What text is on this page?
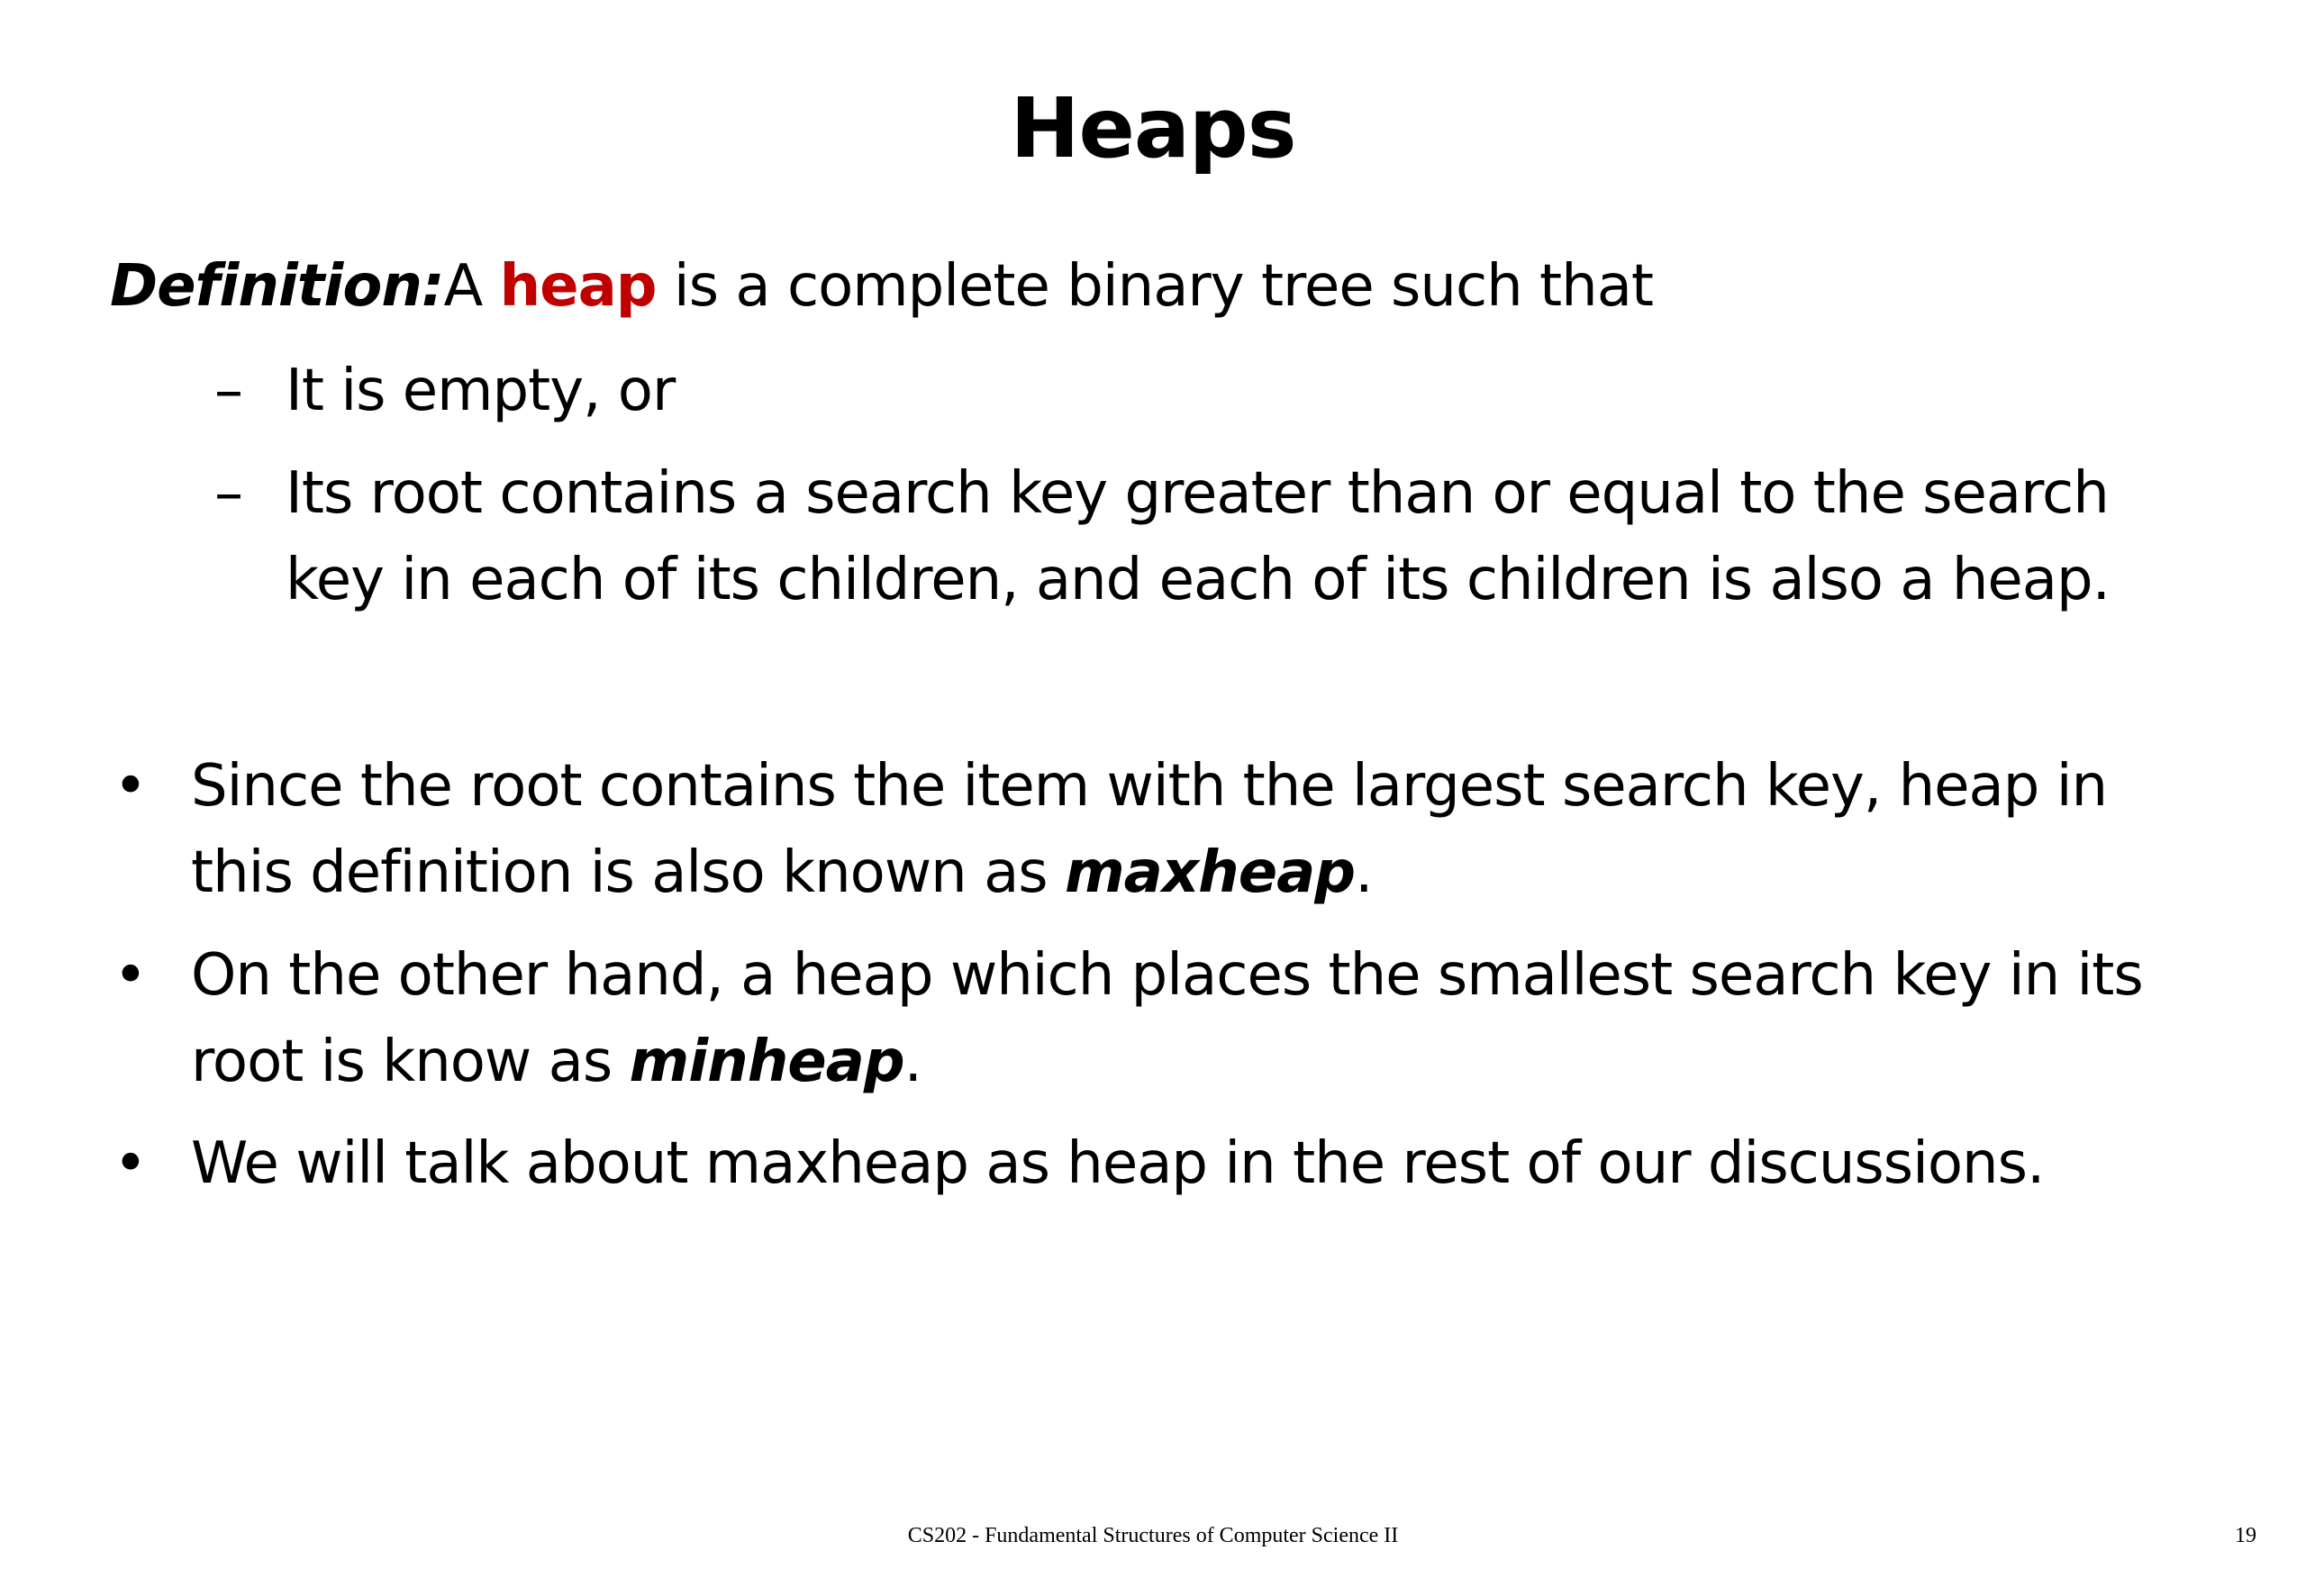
Heaps
Definition:A heap is a complete binary tree such that
– It is empty, or
– Its root contains a search key greater than or equal to the search
key in each of its children, and each of its children is also a heap.
• Since the root contains the item with the largest search key, heap in
this definition is also known as maxheap.
• On the other hand, a heap which places the smallest search key in its
root is know as minheap.
• We will talk about maxheap as heap in the rest of our discussions.
CS202 - Fundamental Structures of Computer Science II	19
